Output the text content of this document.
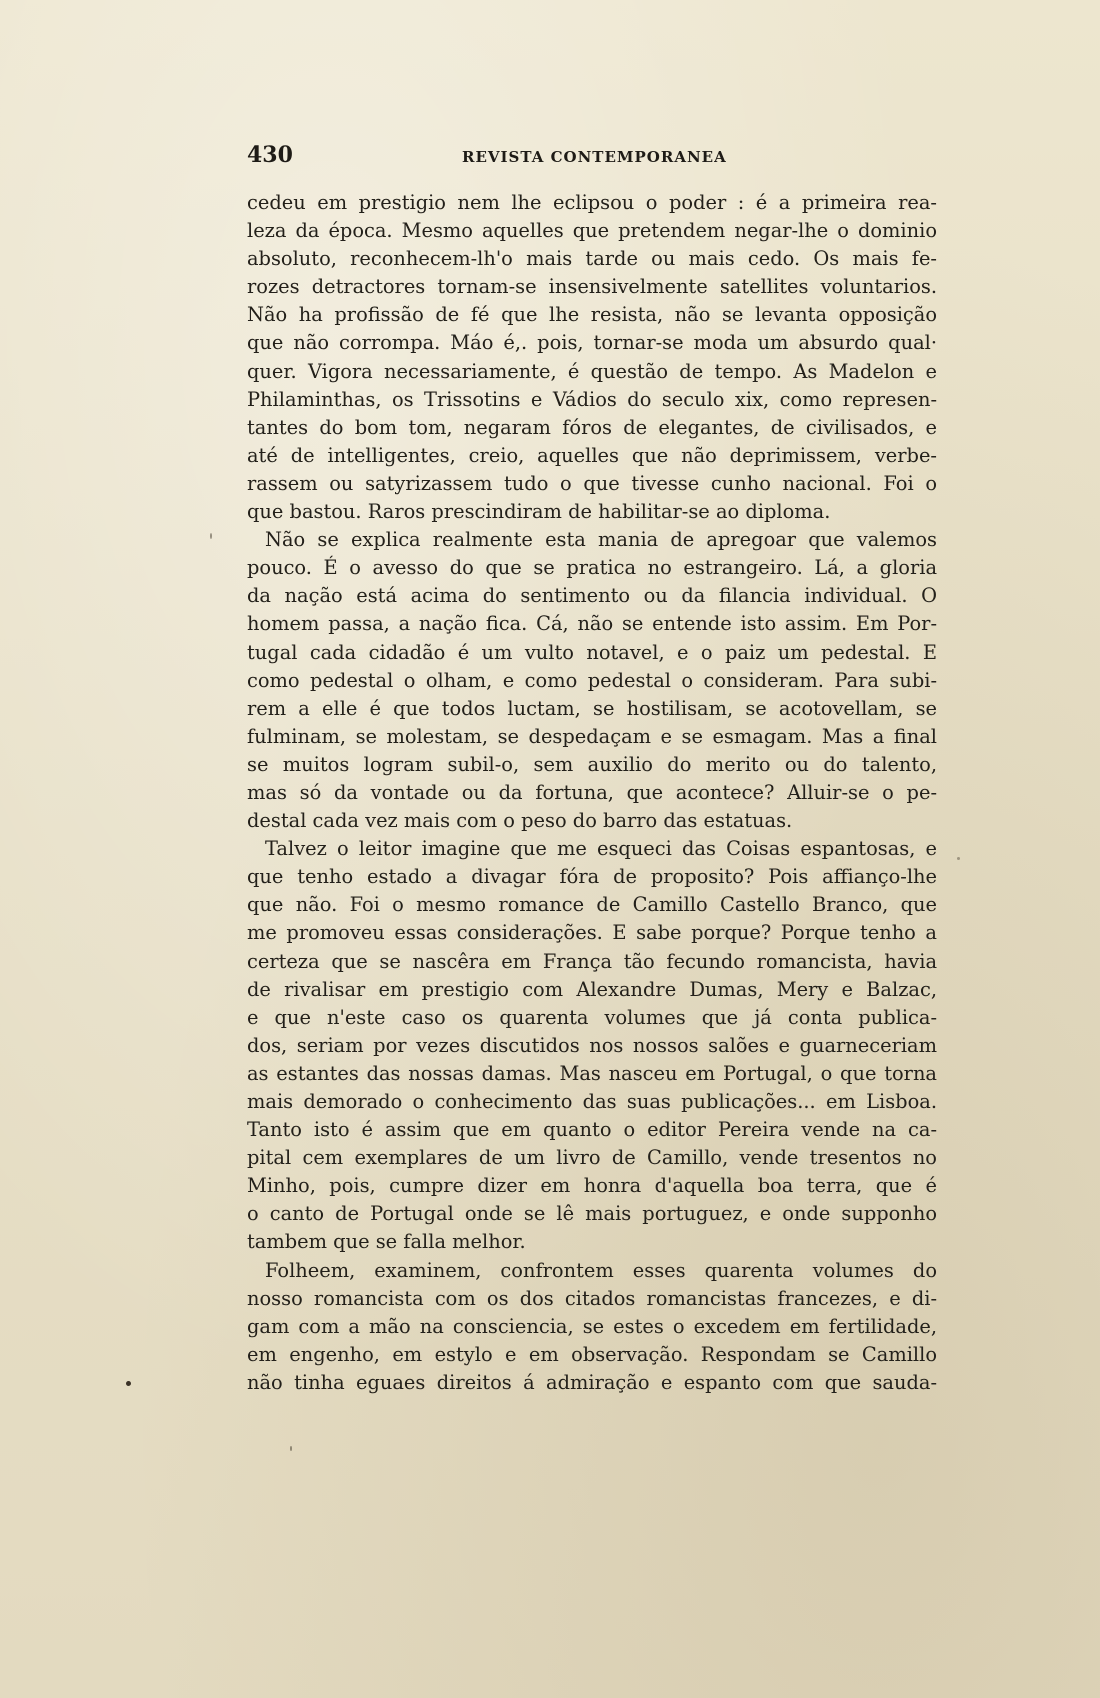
430	REVISTA CONTEMPORANEA
cedeu em prestigio nem lhe eclipsou o poder : é a primeira rea-
leza da época. Mesmo aquelles que pretendem negar-lhe o dominio
absoluto, reconhecem-lh'o mais tarde ou mais cedo. Os mais fe-
rozes detractores tornam-se insensivelmente satellites voluntarios.
Não ha profissão de fé que lhe resista, não se levanta opposição
que não corrompa. Máo é,. pois, tornar-se moda um absurdo qual·
quer. Vigora necessariamente, é questão de tempo. As Madelon e
Philaminthas, os Trissotins e Vádios do seculo xix, como represen-
tantes do bom tom, negaram fóros de elegantes, de civilisados, e
até de intelligentes, creio, aquelles que não deprimissem, verbe-
rassem ou satyrizassem tudo o que tivesse cunho nacional. Foi o
que bastou. Raros prescindiram de habilitar-se ao diploma.
Não se explica realmente esta mania de apregoar que valemos
pouco. É o avesso do que se pratica no estrangeiro. Lá, a gloria
da nação está acima do sentimento ou da filancia individual. O
homem passa, a nação fica. Cá, não se entende isto assim. Em Por-
tugal cada cidadão é um vulto notavel, e o paiz um pedestal. E
como pedestal o olham, e como pedestal o consideram. Para subi-
rem a elle é que todos luctam, se hostilisam, se acotovellam, se
fulminam, se molestam, se despedaçam e se esmagam. Mas a final
se muitos logram subil-o, sem auxilio do merito ou do talento,
mas só da vontade ou da fortuna, que acontece? Alluir-se o pe-
destal cada vez mais com o peso do barro das estatuas.
Talvez o leitor imagine que me esqueci das Coisas espantosas, e
que tenho estado a divagar fóra de proposito? Pois affianço-lhe
que não. Foi o mesmo romance de Camillo Castello Branco, que
me promoveu essas considerações. E sabe porque? Porque tenho a
certeza que se nascêra em França tão fecundo romancista, havia
de rivalisar em prestigio com Alexandre Dumas, Mery e Balzac,
e que n'este caso os quarenta volumes que já conta publica-
dos, seriam por vezes discutidos nos nossos salões e guarneceriam
as estantes das nossas damas. Mas nasceu em Portugal, o que torna
mais demorado o conhecimento das suas publicações... em Lisboa.
Tanto isto é assim que em quanto o editor Pereira vende na ca-
pital cem exemplares de um livro de Camillo, vende tresentos no
Minho, pois, cumpre dizer em honra d'aquella boa terra, que é
o canto de Portugal onde se lê mais portuguez, e onde supponho
tambem que se falla melhor.
Folheem, examinem, confrontem esses quarenta volumes do
nosso romancista com os dos citados romancistas francezes, e di-
gam com a mão na consciencia, se estes o excedem em fertilidade,
em engenho, em estylo e em observação. Respondam se Camillo
não tinha eguaes direitos á admiração e espanto com que sauda-
